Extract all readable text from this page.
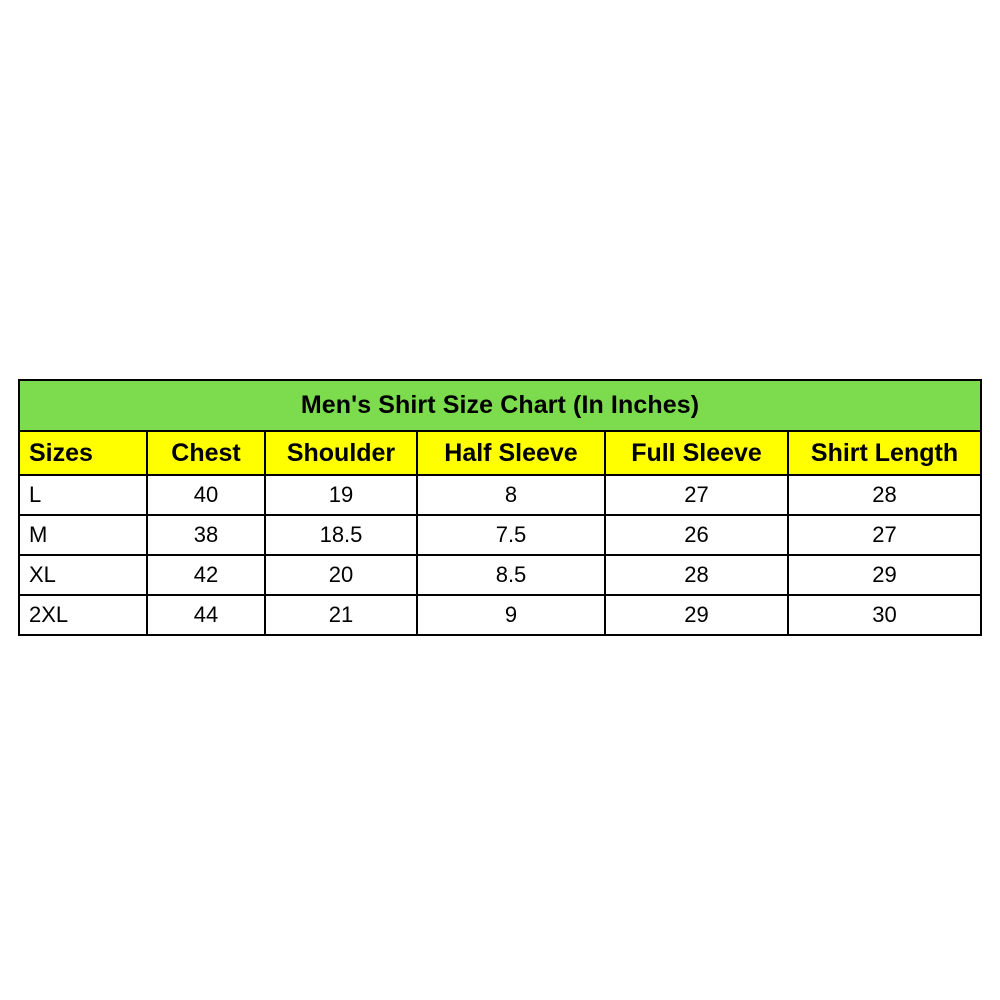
Men's Shirt Size Chart (In Inches)					
Sizes	Chest	Shoulder	Half Sleeve	Full Sleeve	Shirt Length
L	40	19	8	27	28
M	38	18.5	7.5	26	27
XL	42	20	8.5	28	29
2XL	44	21	9	29	30
